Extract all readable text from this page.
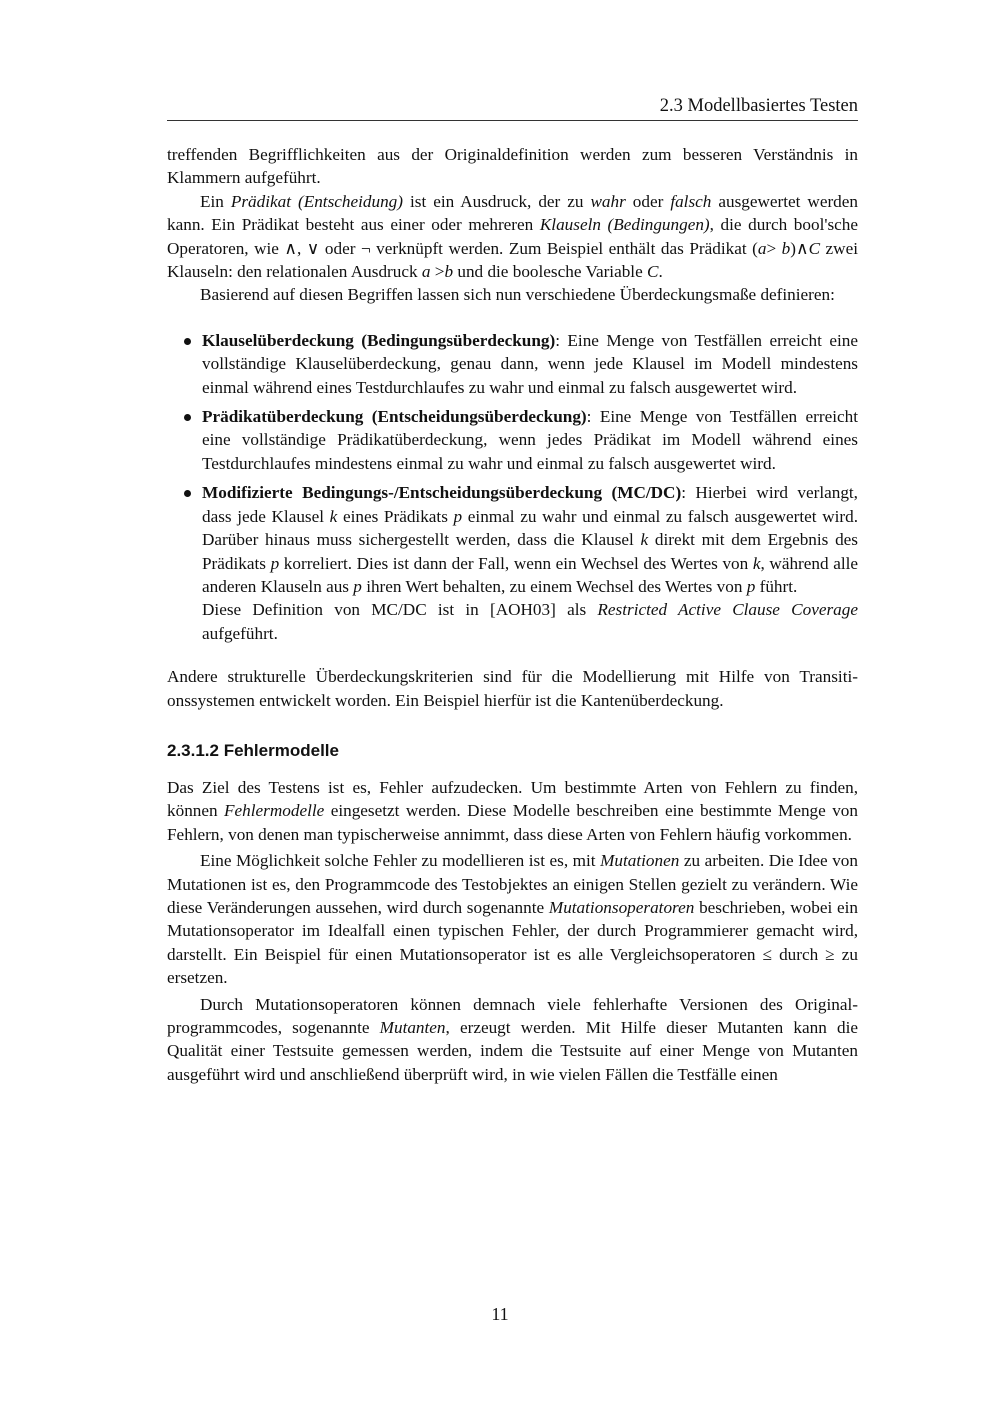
2.3 Modellbasiertes Testen

treffenden Begrifflichkeiten aus der Originaldefinition werden zum besseren Verständnis in Klammern aufgeführt.

Ein Prädikat (Entscheidung) ist ein Ausdruck, der zu wahr oder falsch ausgewertet werden kann. Ein Prädikat besteht aus einer oder mehreren Klauseln (Bedingungen), die durch bool'sche Operatoren, wie ∧, ∨ oder ¬ verknüpft werden. Zum Beispiel enthält das Prädikat (a> b)∧C zwei Klauseln: den relationalen Ausdruck a >b und die boolesche Variable C.

Basierend auf diesen Begriffen lassen sich nun verschiedene Überdeckungsmaße definieren:

Klauselüberdeckung (Bedingungsüberdeckung): Eine Menge von Testfällen erreicht eine vollständige Klauselüberdeckung, genau dann, wenn jede Klausel im Modell mindestens einmal während eines Testdurchlaufes zu wahr und einmal zu falsch ausgewertet wird.
Prädikatüberdeckung (Entscheidungsüberdeckung): Eine Menge von Testfällen erreicht eine vollständige Prädikatüberdeckung, wenn jedes Prädikat im Modell während eines Testdurchlaufes mindestens einmal zu wahr und einmal zu falsch ausgewertet wird.
Modifizierte Bedingungs-/Entscheidungsüberdeckung (MC/DC): Hierbei wird verlangt, dass jede Klausel k eines Prädikats p einmal zu wahr und einmal zu falsch ausgewertet wird. Darüber hinaus muss sichergestellt werden, dass die Klausel k direkt mit dem Ergebnis des Prädikats p korreliert. Dies ist dann der Fall, wenn ein Wechsel des Wertes von k, während alle anderen Klauseln aus p ihren Wert behalten, zu einem Wechsel des Wertes von p führt.
Diese Definition von MC/DC ist in [AOH03] als Restricted Active Clause Coverage aufgeführt.

Andere strukturelle Überdeckungskriterien sind für die Modellierung mit Hilfe von Transitionssystemen entwickelt worden. Ein Beispiel hierfür ist die Kantenüberdeckung.

2.3.1.2 Fehlermodelle

Das Ziel des Testens ist es, Fehler aufzudecken. Um bestimmte Arten von Fehlern zu finden, können Fehlermodelle eingesetzt werden. Diese Modelle beschreiben eine bestimmte Menge von Fehlern, von denen man typischerweise annimmt, dass diese Arten von Fehlern häufig vorkommen.

Eine Möglichkeit solche Fehler zu modellieren ist es, mit Mutationen zu arbeiten. Die Idee von Mutationen ist es, den Programmcode des Testobjektes an einigen Stellen gezielt zu verändern. Wie diese Veränderungen aussehen, wird durch sogenannte Mutationsoperatoren beschrieben, wobei ein Mutationsoperator im Idealfall einen typischen Fehler, der durch Programmierer gemacht wird, darstellt. Ein Beispiel für einen Mutationsoperator ist es alle Vergleichsoperatoren ≤ durch ≥ zu ersetzen.

Durch Mutationsoperatoren können demnach viele fehlerhafte Versionen des Originalprogrammcodes, sogenannte Mutanten, erzeugt werden. Mit Hilfe dieser Mutanten kann die Qualität einer Testsuite gemessen werden, indem die Testsuite auf einer Menge von Mutanten ausgeführt wird und anschließend überprüft wird, in wie vielen Fällen die Testfälle einen

11
